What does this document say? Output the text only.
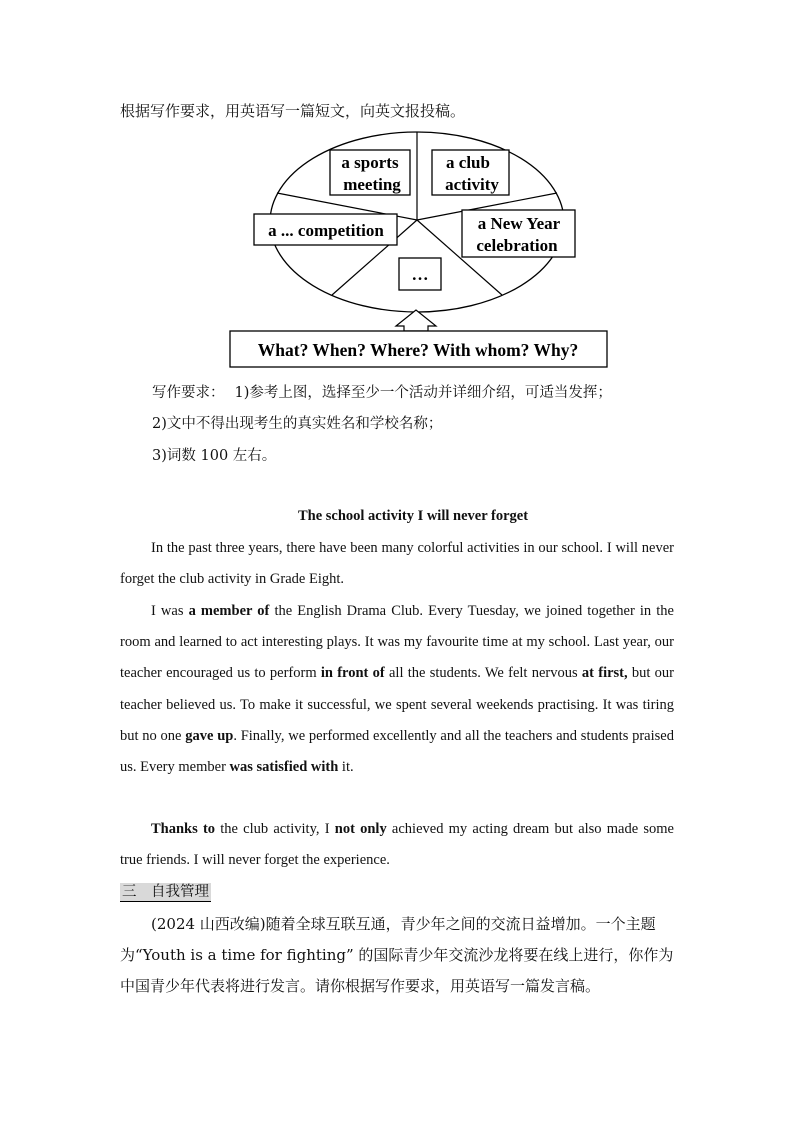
根据写作要求，用英语写一篇短文，向英文报投稿。
a sports
meeting
a club
activity
a ... competition	a New Year
celebration
…
What? When? Where? With whom? Why?
写作要求： 1)参考上图，选择至少一个活动并详细介绍，可适当发挥；
2)文中不得出现考生的真实姓名和学校名称；
3)词数 100 左右。
The school activity I will never forget
In the past three years, there have been many colorful activities in our school. I will never forget the club activity in Grade Eight.
I was a member of the English Drama Club. Every Tuesday, we joined together in the room and learned to act interesting plays. It was my favourite time at my school. Last year, our teacher encouraged us to perform in front of all the students. We felt nervous at first, but our teacher believed us. To make it successful, we spent several weekends practising. It was tiring but no one gave up. Finally, we performed excellently and all the teachers and students praised us. Every member was satisfied with it.
Thanks to the club activity, I not only achieved my acting dream but also made some true friends. I will never forget the experience.
三　自我管理
(2024 山西改编)随着全球互联互通，青少年之间的交流日益增加。一个主题为“Youth is a time for fighting” 的国际青少年交流沙龙将要在线上进行，你作为中国青少年代表将进行发言。请你根据写作要求，用英语写一篇发言稿。
